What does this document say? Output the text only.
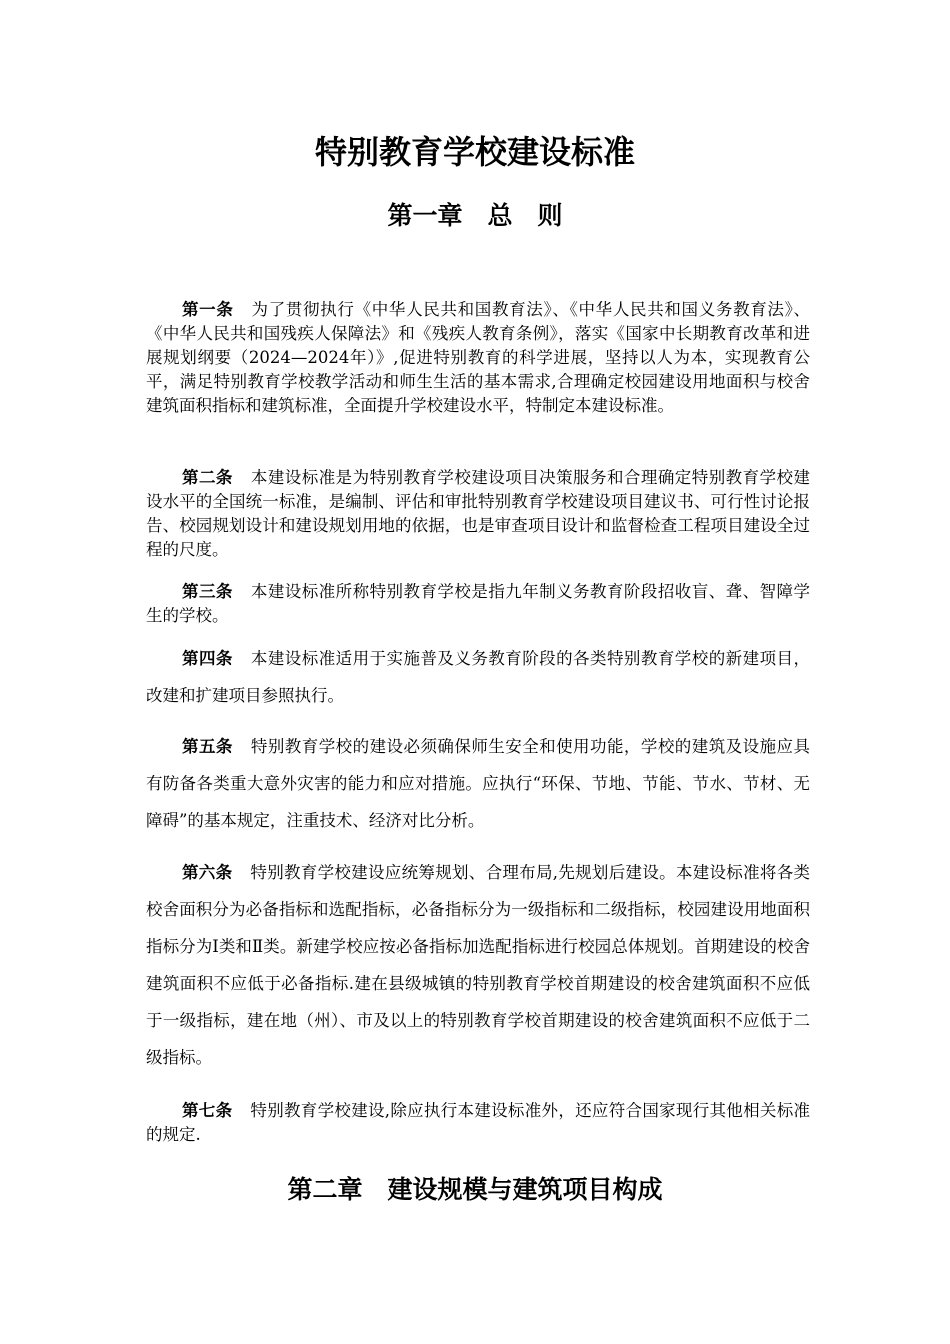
特别教育学校建设标准
第一章　总　则

第一条 为了贯彻执行《中华人民共和国教育法》、《中华人民共和国义务教育法》、《中华人民共和国残疾人保障法》和《残疾人教育条例》，落实《国家中长期教育改革和进展规划纲要（2024—2024年）》,促进特别教育的科学进展，坚持以人为本，实现教育公平，满足特别教育学校教学活动和师生生活的基本需求,合理确定校园建设用地面积与校舍建筑面积指标和建筑标准，全面提升学校建设水平，特制定本建设标准。

第二条 本建设标准是为特别教育学校建设项目决策服务和合理确定特别教育学校建设水平的全国统一标准，是编制、评估和审批特别教育学校建设项目建议书、可行性讨论报告、校园规划设计和建设规划用地的依据，也是审查项目设计和监督检查工程项目建设全过程的尺度。

第三条 本建设标准所称特别教育学校是指九年制义务教育阶段招收盲、聋、智障学生的学校。

第四条 本建设标准适用于实施普及义务教育阶段的各类特别教育学校的新建项目，改建和扩建项目参照执行。

第五条 特别教育学校的建设必须确保师生安全和使用功能，学校的建筑及设施应具有防备各类重大意外灾害的能力和应对措施。应执行“环保、节地、节能、节水、节材、无障碍”的基本规定，注重技术、经济对比分析。

第六条 特别教育学校建设应统筹规划、合理布局,先规划后建设。本建设标准将各类校舍面积分为必备指标和选配指标，必备指标分为一级指标和二级指标，校园建设用地面积指标分为Ⅰ类和Ⅱ类。新建学校应按必备指标加选配指标进行校园总体规划。首期建设的校舍建筑面积不应低于必备指标.建在县级城镇的特别教育学校首期建设的校舍建筑面积不应低于一级指标，建在地（州）、市及以上的特别教育学校首期建设的校舍建筑面积不应低于二级指标。

第七条 特别教育学校建设,除应执行本建设标准外，还应符合国家现行其他相关标准的规定.

第二章　建设规模与建筑项目构成
